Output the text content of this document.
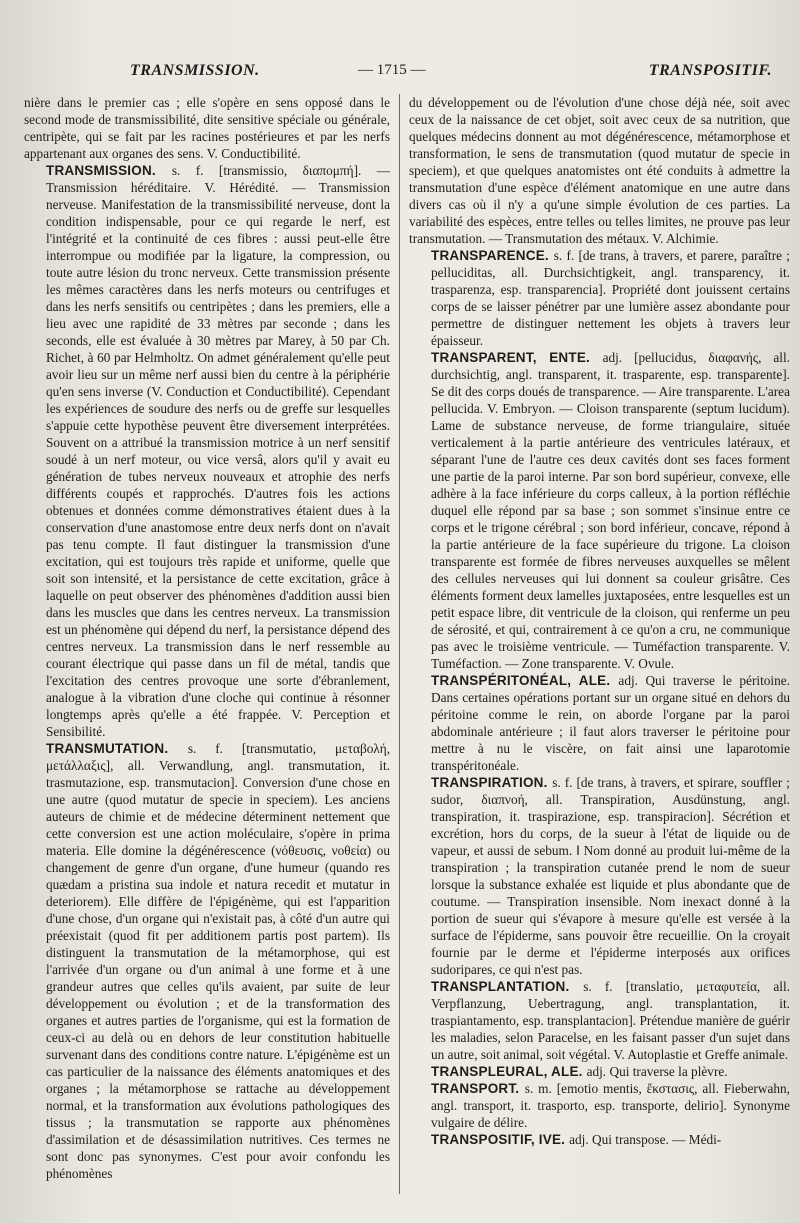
TRANSMISSION.	— 1715 —	TRANSPOSITIF.

nière dans le premier cas ; elle s'opère en sens opposé dans le second mode de transmissibilité, dite sensitive spéciale ou générale, centripète, qui se fait par les racines postérieures et par les nerfs appartenant aux organes des sens. V. Conductibilité.

TRANSMISSION. s. f. [transmissio, διαπομπή]. — Transmission héréditaire. V. Hérédité. — Transmission nerveuse. Manifestation de la transmissibilité nerveuse, dont la condition indispensable, pour ce qui regarde le nerf, est l'intégrité et la continuité de ces fibres : aussi peut-elle être interrompue ou modifiée par la ligature, la compression, ou toute autre lésion du tronc nerveux. Cette transmission présente les mêmes caractères dans les nerfs moteurs ou centrifuges et dans les nerfs sensitifs ou centripètes ; dans les premiers, elle a lieu avec une rapidité de 33 mètres par seconde ; dans les seconds, elle est évaluée à 30 mètres par Marey, à 50 par Ch. Richet, à 60 par Helmholtz. On admet généralement qu'elle peut avoir lieu sur un même nerf aussi bien du centre à la périphérie qu'en sens inverse (V. Conduction et Conductibilité). Cependant les expériences de soudure des nerfs ou de greffe sur lesquelles s'appuie cette hypothèse peuvent être diversement interprétées. Souvent on a attribué la transmission motrice à un nerf sensitif soudé à un nerf moteur, ou vice versâ, alors qu'il y avait eu génération de tubes nerveux nouveaux et atrophie des nerfs différents coupés et rapprochés. D'autres fois les actions obtenues et données comme démonstratives étaient dues à la conservation d'une anastomose entre deux nerfs dont on n'avait pas tenu compte. Il faut distinguer la transmission d'une excitation, qui est toujours très rapide et uniforme, quelle que soit son intensité, et la persistance de cette excitation, grâce à laquelle on peut observer des phénomènes d'addition aussi bien dans les muscles que dans les centres nerveux. La transmission est un phénomène qui dépend du nerf, la persistance dépend des centres nerveux. La transmission dans le nerf ressemble au courant électrique qui passe dans un fil de métal, tandis que l'excitation des centres provoque une sorte d'ébranlement, analogue à la vibration d'une cloche qui continue à résonner longtemps après qu'elle a été frappée. V. Perception et Sensibilité.

TRANSMUTATION. s. f. [transmutatio, μεταβολή, μετάλλαξις], all. Verwandlung, angl. transmutation, it. trasmutazione, esp. transmutacion]. Conversion d'une chose en une autre (quod mutatur de specie in speciem). Les anciens auteurs de chimie et de médecine déterminent nettement que cette conversion est une action moléculaire, s'opère in prima materia. Elle domine la dégénérescence (νόθευσις, νοθεία) ou changement de genre d'un organe, d'une humeur (quando res quædam a pristina sua indole et natura recedit et mutatur in deteriorem). Elle diffère de l'épigénème, qui est l'apparition d'une chose, d'un organe qui n'existait pas, à côté d'un autre qui préexistait (quod fit per additionem partis post partem). Ils distinguent la transmutation de la métamorphose, qui est l'arrivée d'un organe ou d'un animal à une forme et à une grandeur autres que celles qu'ils avaient, par suite de leur développement ou évolution ; et de la transformation des organes et autres parties de l'organisme, qui est la formation de ceux-ci au delà ou en dehors de leur constitution habituelle survenant dans des conditions contre nature. L'épigénème est un cas particulier de la naissance des éléments anatomiques et des organes ; la métamorphose se rattache au développement normal, et la transformation aux évolutions pathologiques des tissus ; la transmutation se rapporte aux phénomènes d'assimilation et de désassimilation nutritives. Ces termes ne sont donc pas synonymes. C'est pour avoir confondu les phénomènes

du développement ou de l'évolution d'une chose déjà née, soit avec ceux de la naissance de cet objet, soit avec ceux de sa nutrition, que quelques médecins donnent au mot dégénérescence, métamorphose et transformation, le sens de transmutation (quod mutatur de specie in speciem), et que quelques anatomistes ont été conduits à admettre la transmutation d'une espèce d'élément anatomique en une autre dans divers cas où il n'y a qu'une simple évolution de ces parties. La variabilité des espèces, entre telles ou telles limites, ne prouve pas leur transmutation. — Transmutation des métaux. V. Alchimie.

TRANSPARENCE. s. f. [de trans, à travers, et parere, paraître ; pelluciditas, all. Durchsichtigkeit, angl. transparency, it. trasparenza, esp. transparencia]. Propriété dont jouissent certains corps de se laisser pénétrer par une lumière assez abondante pour permettre de distinguer nettement les objets à travers leur épaisseur.

TRANSPARENT, ENTE. adj. [pellucidus, διαφανής, all. durchsichtig, angl. transparent, it. trasparente, esp. transparente]. Se dit des corps doués de transparence. — Aire transparente. L'area pellucida. V. Embryon. — Cloison transparente (septum lucidum). Lame de substance nerveuse, de forme triangulaire, située verticalement à la partie antérieure des ventricules latéraux, et séparant l'une de l'autre ces deux cavités dont ses faces forment une partie de la paroi interne. Par son bord supérieur, convexe, elle adhère à la face inférieure du corps calleux, à la portion réfléchie duquel elle répond par sa base ; son sommet s'insinue entre ce corps et le trigone cérébral ; son bord inférieur, concave, répond à la partie antérieure de la face supérieure du trigone. La cloison transparente est formée de fibres nerveuses auxquelles se mêlent des cellules nerveuses qui lui donnent sa couleur grisâtre. Ces éléments forment deux lamelles juxtaposées, entre lesquelles est un petit espace libre, dit ventricule de la cloison, qui renferme un peu de sérosité, et qui, contrairement à ce qu'on a cru, ne communique pas avec le troisième ventricule. — Tuméfaction transparente. V. Tuméfaction. — Zone transparente. V. Ovule.

TRANSPÉRITONÉAL, ALE. adj. Qui traverse le péritoine. Dans certaines opérations portant sur un organe situé en dehors du péritoine comme le rein, on aborde l'organe par la paroi abdominale antérieure ; il faut alors traverser le péritoine pour mettre à nu le viscère, on fait ainsi une laparotomie transpéritonéale.

TRANSPIRATION. s. f. [de trans, à travers, et spirare, souffler ; sudor, διαπνοή, all. Transpiration, Ausdünstung, angl. transpiration, it. traspirazione, esp. transpiracion]. Sécrétion et excrétion, hors du corps, de la sueur à l'état de liquide ou de vapeur, et aussi de sebum. ‖ Nom donné au produit lui-même de la transpiration ; la transpiration cutanée prend le nom de sueur lorsque la substance exhalée est liquide et plus abondante que de coutume. — Transpiration insensible. Nom inexact donné à la portion de sueur qui s'évapore à mesure qu'elle est versée à la surface de l'épiderme, sans pouvoir être recueillie. On la croyait fournie par le derme et l'épiderme interposés aux orifices sudoripares, ce qui n'est pas.

TRANSPLANTATION. s. f. [translatio, μεταφυτεία, all. Verpflanzung, Uebertragung, angl. transplantation, it. traspiantamento, esp. transplantacion]. Prétendue manière de guérir les maladies, selon Paracelse, en les faisant passer d'un sujet dans un autre, soit animal, soit végétal. V. Autoplastie et Greffe animale.

TRANSPLEURAL, ALE. adj. Qui traverse la plèvre.

TRANSPORT. s. m. [emotio mentis, ἔκστασις, all. Fieberwahn, angl. transport, it. trasporto, esp. transporte, delirio]. Synonyme vulgaire de délire.

TRANSPOSITIF, IVE. adj. Qui transpose. — Médi-
